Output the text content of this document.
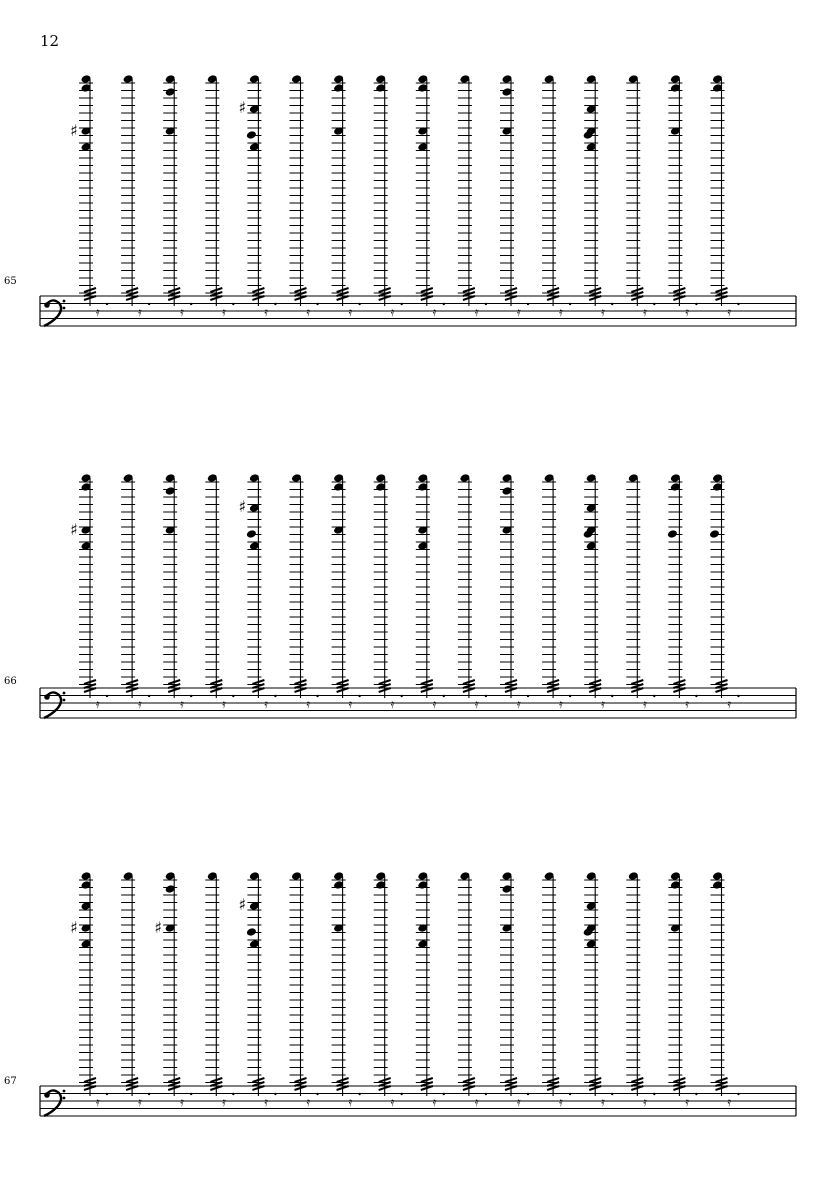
12
65
♯
𝄿	𝄿	𝄿	𝄿
♯
𝄿	𝄿	𝄿	𝄿	𝄿	𝄿	𝄿	𝄿	𝄿	𝄿	𝄿	𝄿
66
♯
𝄿	𝄿	𝄿	𝄿
♯
𝄿	𝄿	𝄿	𝄿	𝄿	𝄿	𝄿	𝄿	𝄿	𝄿	𝄿	𝄿
67
♯
𝄿	𝄿
♯
𝄿	𝄿
♯
𝄿	𝄿	𝄿	𝄿	𝄿	𝄿	𝄿	𝄿	𝄿	𝄿	𝄿	𝄿
